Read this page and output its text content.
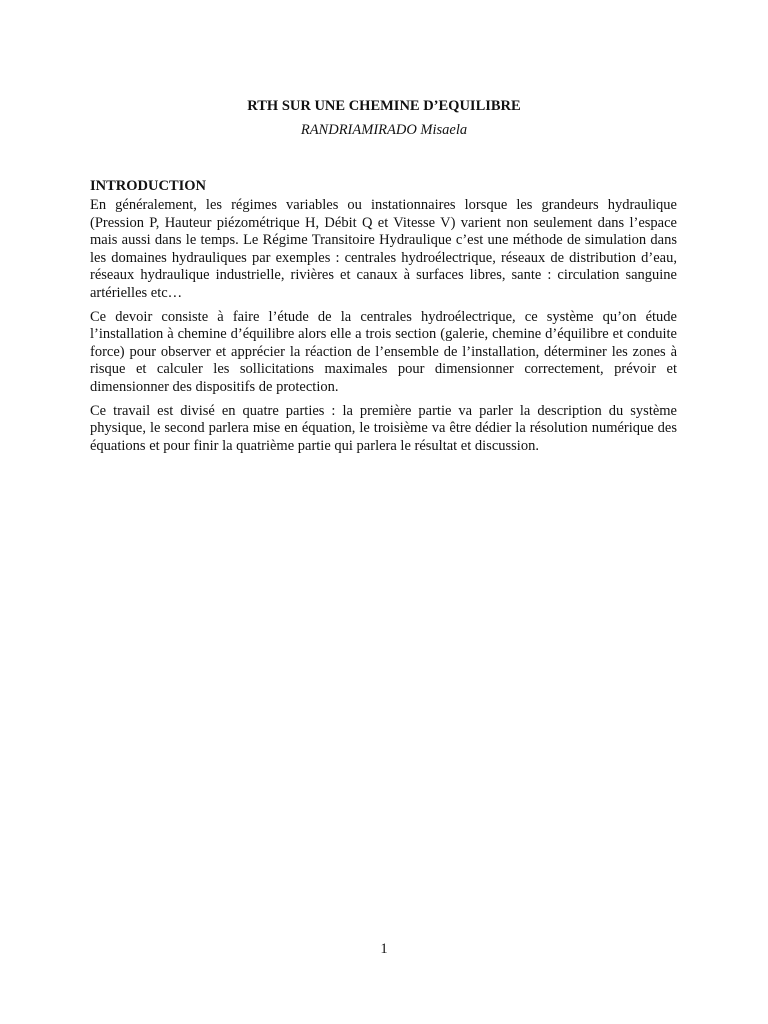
RTH SUR UNE CHEMINE D’EQUILIBRE
RANDRIAMIRADO Misaela
INTRODUCTION

En généralement, les régimes variables ou instationnaires lorsque les grandeurs hydraulique (Pression P, Hauteur piézométrique H, Débit Q et Vitesse V) varient non seulement dans l’espace mais aussi dans le temps. Le Régime Transitoire Hydraulique c’est une méthode de simulation dans les domaines hydrauliques par exemples : centrales hydroélectrique, réseaux de distribution d’eau, réseaux hydraulique industrielle, rivières et canaux à surfaces libres, sante : circulation sanguine artérielles etc…

Ce devoir consiste à faire l’étude de la centrales hydroélectrique, ce système qu’on étude l’installation à chemine d’équilibre alors elle a trois section (galerie, chemine d’équilibre et conduite force) pour observer et apprécier la réaction de l’ensemble de l’installation, déterminer les zones à risque et calculer les sollicitations maximales pour dimensionner correctement, prévoir et dimensionner des dispositifs de protection.

Ce travail est divisé en quatre parties : la première partie va parler la description du système physique, le second parlera mise en équation, le troisième va être dédier la résolution numérique des équations et pour finir la quatrième partie qui parlera le résultat et discussion.

1
